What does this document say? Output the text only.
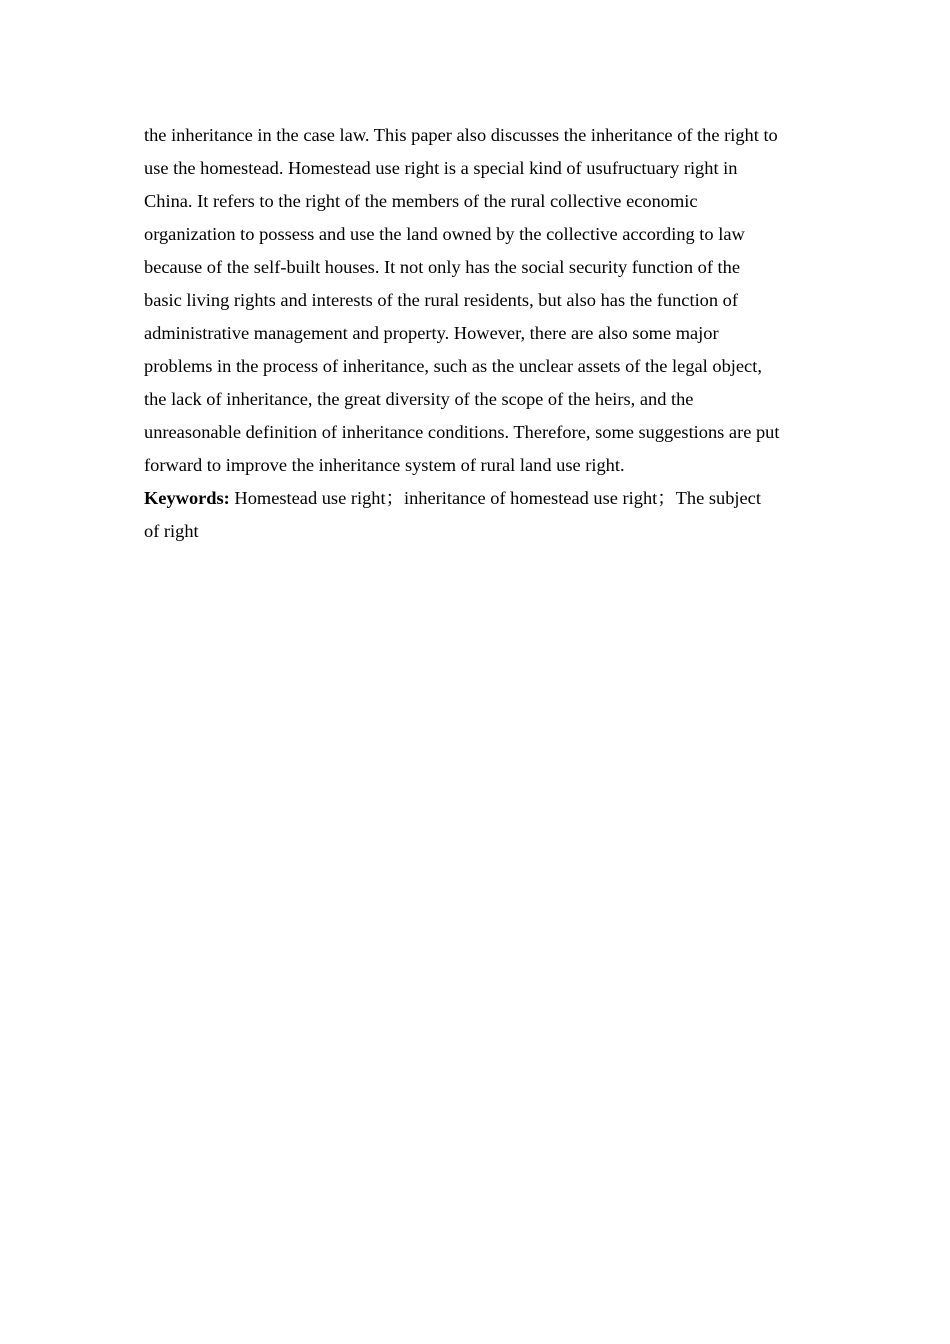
the inheritance in the case law. This paper also discusses the inheritance of the right to
use the homestead. Homestead use right is a special kind of usufructuary right in
China. It refers to the right of the members of the rural collective economic
organization to possess and use the land owned by the collective according to law
because of the self-built houses. It not only has the social security function of the
basic living rights and interests of the rural residents, but also has the function of
administrative management and property. However, there are also some major
problems in the process of inheritance, such as the unclear assets of the legal object,
the lack of inheritance, the great diversity of the scope of the heirs, and the
unreasonable definition of inheritance conditions. Therefore, some suggestions are put
forward to improve the inheritance system of rural land use right.
Keywords: Homestead use right；inheritance of homestead use right；The subject
of right
